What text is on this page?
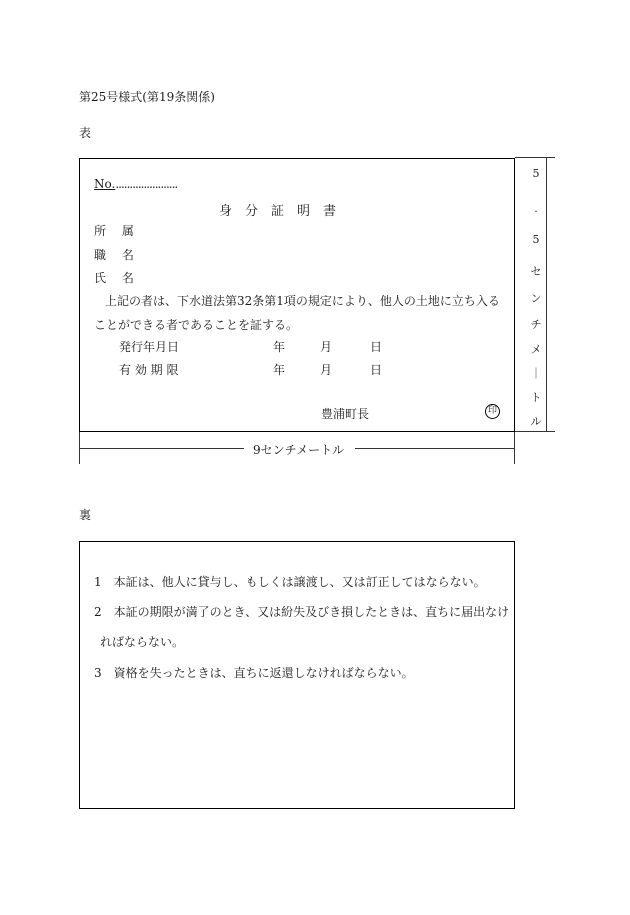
第25号様式(第19条関係)
表
No.......................
身　分　証　明　書
所　 属
職　 名
氏　 名
上記の者は、下水道法第32条第1項の規定により、他人の土地に立ち入る
ことができる者であることを証する。
発行年月日	年	月	日
有 効 期 限	年	月	日
豊浦町長	印
5
.
5
セ
ン
チ
メ
｜
ト
ル
9センチメートル
裏
1　本証は、他人に貸与し、もしくは譲渡し、又は訂正してはならない。
2　本証の期限が満了のとき、又は紛失及びき損したときは、直ちに届出なけ
ればならない。
3　資格を失ったときは、直ちに返還しなければならない。
